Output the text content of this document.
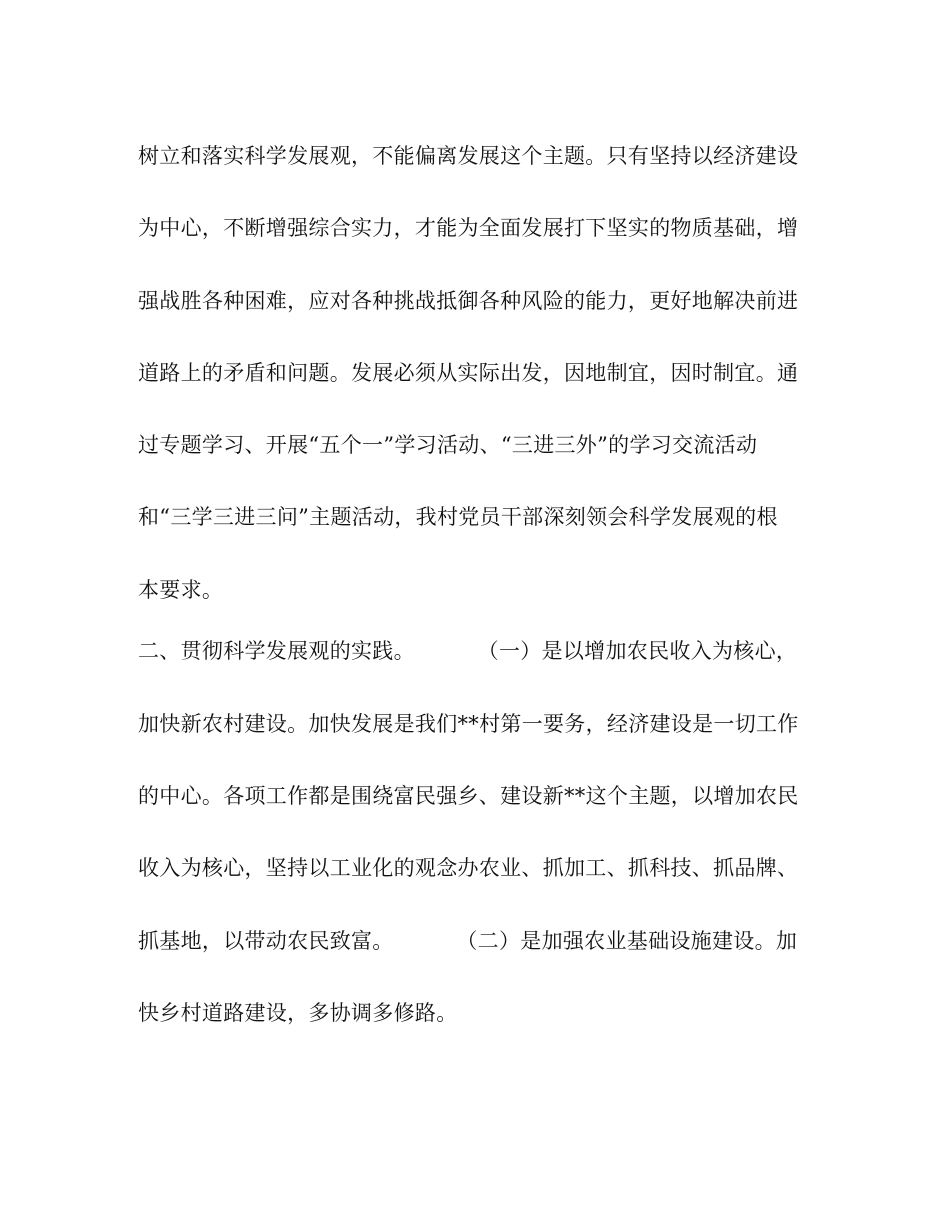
树立和落实科学发展观，不能偏离发展这个主题。只有坚持以经济建设
为中心，不断增强综合实力，才能为全面发展打下坚实的物质基础，增
强战胜各种困难，应对各种挑战抵御各种风险的能力，更好地解决前进
道路上的矛盾和问题。发展必须从实际出发，因地制宜，因时制宜。通
过专题学习、开展“五个一”学习活动、“三进三外”的学习交流活动
和“三学三进三问”主题活动，我村党员干部深刻领会科学发展观的根
本要求。
二、贯彻科学发展观的实践。         （一）是以增加农民收入为核心，
加快新农村建设。加快发展是我们**村第一要务，经济建设是一切工作
的中心。各项工作都是围绕富民强乡、建设新**这个主题，以增加农民
收入为核心，坚持以工业化的观念办农业、抓加工、抓科技、抓品牌、
抓基地，以带动农民致富。         （二）是加强农业基础设施建设。加
快乡村道路建设，多协调多修路。
